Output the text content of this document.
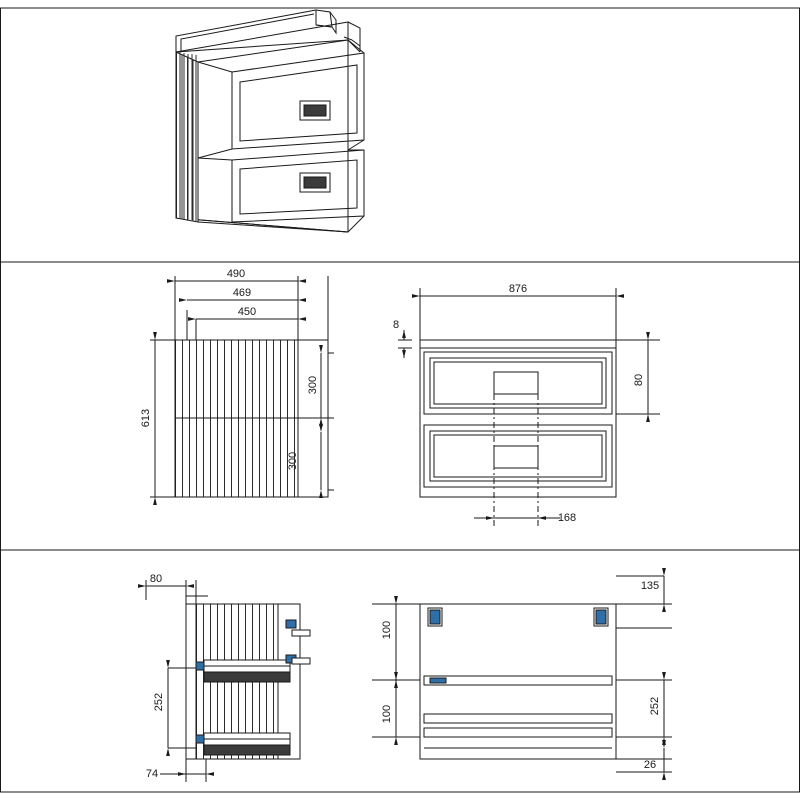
490
469
450
613
300
300
876
8
80
168
80
252
74
135
100
100	252
26
